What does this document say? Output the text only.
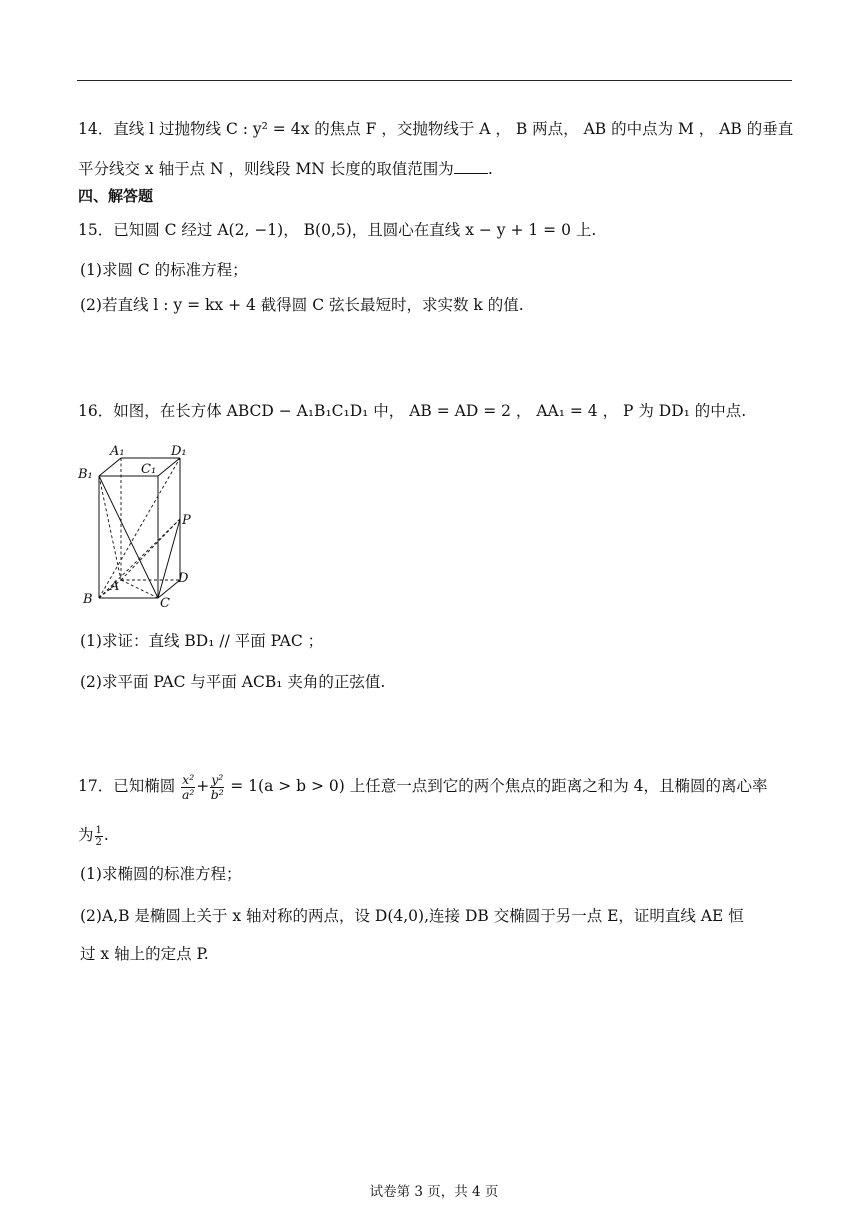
14．直线 l 过抛物线 C : y² = 4x 的焦点 F ，交抛物线于 A ， B 两点， AB 的中点为 M ， AB 的垂直
平分线交 x 轴于点 N ，则线段 MN 长度的取值范围为 .
四、解答题
15．已知圆 C 经过 A(2, −1)， B(0,5)，且圆心在直线 x − y + 1 = 0 上.
(1)求圆 C 的标准方程；
(2)若直线 l : y = kx + 4 截得圆 C 弦长最短时，求实数 k 的值.
16．如图，在长方体 ABCD − A₁B₁C₁D₁ 中， AB = AD = 2 ， AA₁ = 4 ， P 为 DD₁ 的中点.
A₁	D₁
B₁	C₁
P
D
A
B	C
(1)求证：直线 BD₁ // 平面 PAC ；
(2)求平面 PAC 与平面 ACB₁ 夹角的正弦值.
17．已知椭圆 $\frac{\text{x²}}{\text{a²}} + \frac{\text{y²}}{\text{b²}} = 1(a > b > 0)$ 上任意一点到它的两个焦点的距离之和为 4，且椭圆的离心率
为 $\frac{1}{2}$ .
(1)求椭圆的标准方程；
(2)A,B 是椭圆上关于 x 轴对称的两点，设 D(4,0),连接 DB 交椭圆于另一点 E，证明直线 AE 恒
过 x 轴上的定点 P.
试卷第 3 页，共 4 页
